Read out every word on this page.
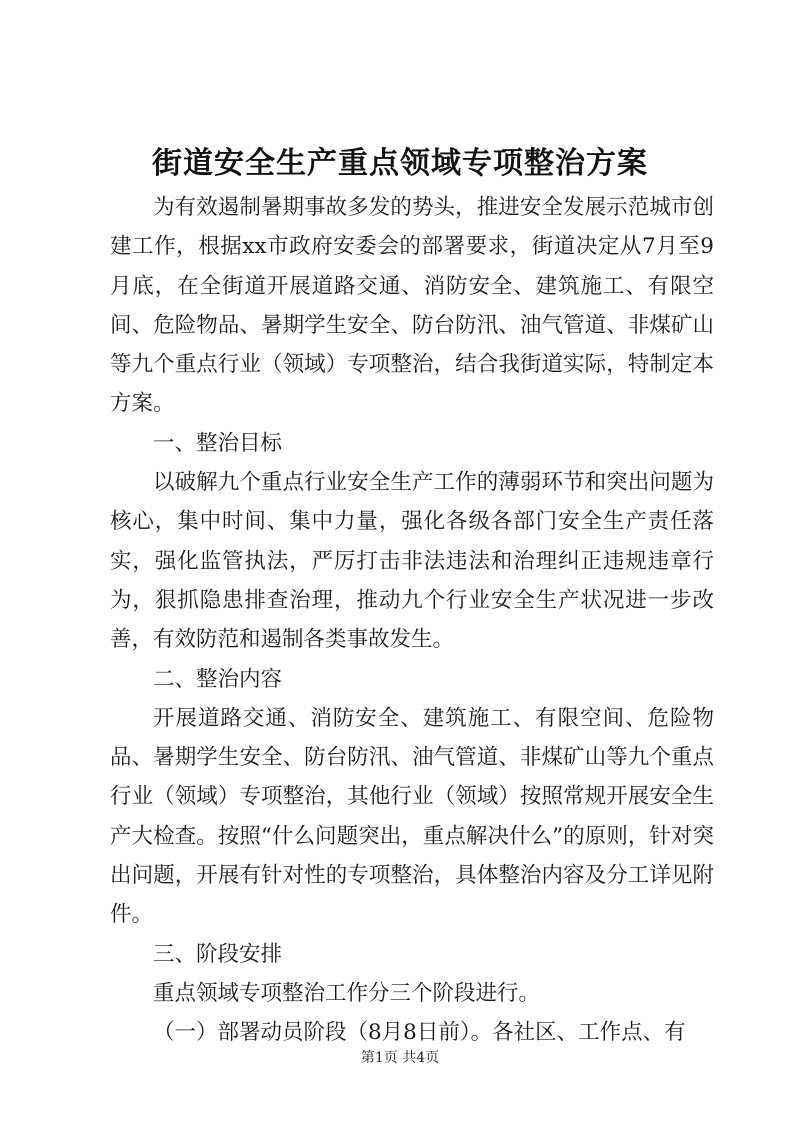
街道安全生产重点领域专项整治方案

为有效遏制暑期事故多发的势头，推进安全发展示范城市创建工作，根据xx市政府安委会的部署要求，街道决定从7月至9月底，在全街道开展道路交通、消防安全、建筑施工、有限空间、危险物品、暑期学生安全、防台防汛、油气管道、非煤矿山等九个重点行业（领域）专项整治，结合我街道实际，特制定本方案。

一、整治目标

以破解九个重点行业安全生产工作的薄弱环节和突出问题为核心，集中时间、集中力量，强化各级各部门安全生产责任落实，强化监管执法，严厉打击非法违法和治理纠正违规违章行为，狠抓隐患排查治理，推动九个行业安全生产状况进一步改善，有效防范和遏制各类事故发生。

二、整治内容

开展道路交通、消防安全、建筑施工、有限空间、危险物品、暑期学生安全、防台防汛、油气管道、非煤矿山等九个重点行业（领域）专项整治，其他行业（领域）按照常规开展安全生产大检查。按照“什么问题突出，重点解决什么”的原则，针对突出问题，开展有针对性的专项整治，具体整治内容及分工详见附件。

三、阶段安排

重点领域专项整治工作分三个阶段进行。

（一）部署动员阶段（8月8日前）。各社区、工作点、有

第1页 共4页
